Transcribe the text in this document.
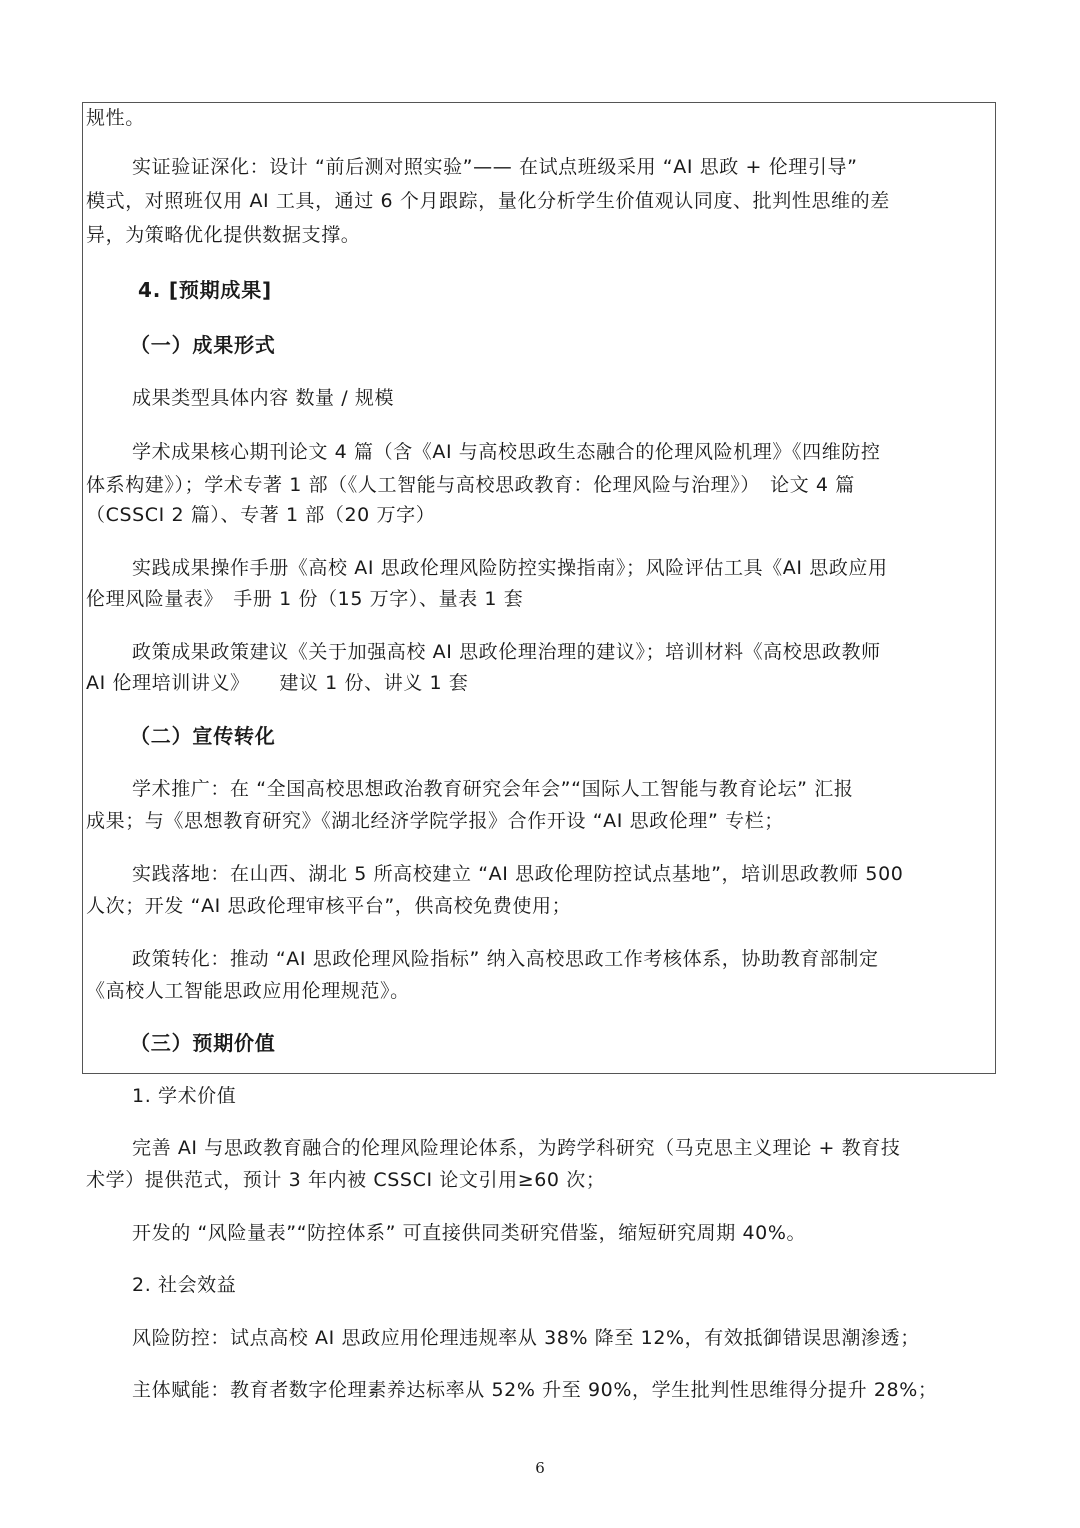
规性。
实证验证深化：设计 “前后测对照实验”—— 在试点班级采用 “AI 思政 + 伦理引导”
模式，对照班仅用 AI 工具，通过 6 个月跟踪，量化分析学生价值观认同度、批判性思维的差
异，为策略优化提供数据支撑。
4. [预期成果]
（一）成果形式
成果类型具体内容 数量 / 规模
学术成果核心期刊论文 4 篇（含《AI 与高校思政生态融合的伦理风险机理》《四维防控
体系构建》）；学术专著 1 部（《人工智能与高校思政教育：伦理风险与治理》）　论文 4 篇
（CSSCI 2 篇）、专著 1 部（20 万字）
实践成果操作手册《高校 AI 思政伦理风险防控实操指南》；风险评估工具《AI 思政应用
伦理风险量表》　手册 1 份（15 万字）、量表 1 套
政策成果政策建议《关于加强高校 AI 思政伦理治理的建议》；培训材料《高校思政教师
AI 伦理培训讲义》　　建议 1 份、讲义 1 套
（二）宣传转化
学术推广：在 “全国高校思想政治教育研究会年会”“国际人工智能与教育论坛” 汇报
成果；与《思想教育研究》《湖北经济学院学报》合作开设 “AI 思政伦理” 专栏；
实践落地：在山西、湖北 5 所高校建立 “AI 思政伦理防控试点基地”，培训思政教师 500
人次；开发 “AI 思政伦理审核平台”，供高校免费使用；
政策转化：推动 “AI 思政伦理风险指标” 纳入高校思政工作考核体系，协助教育部制定
《高校人工智能思政应用伦理规范》。
（三）预期价值
1. 学术价值
完善 AI 与思政教育融合的伦理风险理论体系，为跨学科研究（马克思主义理论 + 教育技
术学）提供范式，预计 3 年内被 CSSCI 论文引用≥60 次；
开发的 “风险量表”“防控体系” 可直接供同类研究借鉴，缩短研究周期 40%。
2. 社会效益
风险防控：试点高校 AI 思政应用伦理违规率从 38% 降至 12%，有效抵御错误思潮渗透；
主体赋能：教育者数字伦理素养达标率从 52% 升至 90%，学生批判性思维得分提升 28%；
6
